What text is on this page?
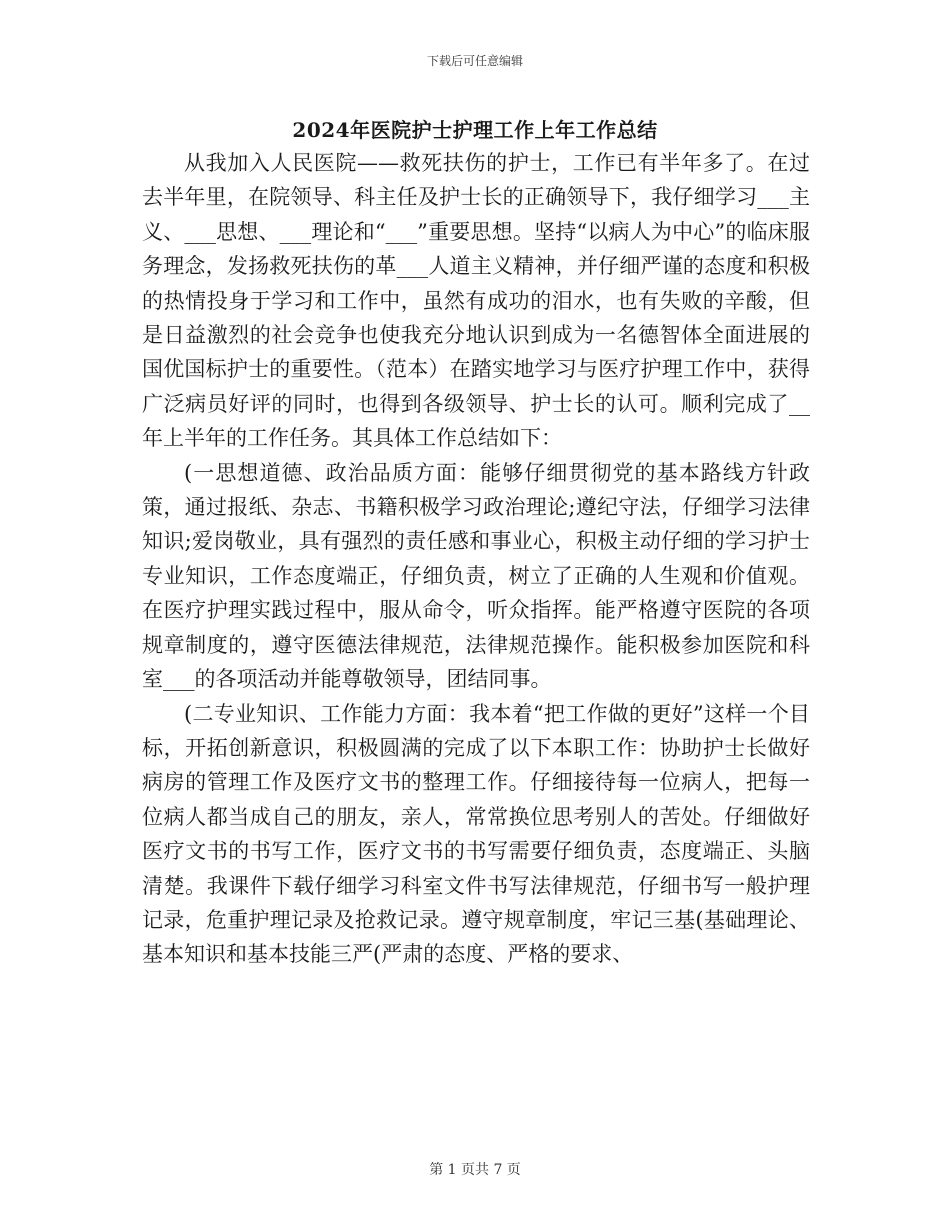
下载后可任意编辑
2024年医院护士护理工作上年工作总结

从我加入人民医院——救死扶伤的护士，工作已有半年多了。在过去半年里，在院领导、科主任及护士长的正确领导下，我仔细学习___主义、___思想、___理论和“___”重要思想。坚持“以病人为中心”的临床服务理念，发扬救死扶伤的革___人道主义精神，并仔细严谨的态度和积极的热情投身于学习和工作中，虽然有成功的泪水，也有失败的辛酸，但是日益激烈的社会竞争也使我充分地认识到成为一名德智体全面进展的国优国标护士的重要性。（范本）在踏实地学习与医疗护理工作中，获得广泛病员好评的同时，也得到各级领导、护士长的认可。顺利完成了__年上半年的工作任务。其具体工作总结如下：

(一思想道德、政治品质方面：能够仔细贯彻党的基本路线方针政策，通过报纸、杂志、书籍积极学习政治理论;遵纪守法，仔细学习法律知识;爱岗敬业，具有强烈的责任感和事业心，积极主动仔细的学习护士专业知识，工作态度端正，仔细负责，树立了正确的人生观和价值观。在医疗护理实践过程中，服从命令，听众指挥。能严格遵守医院的各项规章制度的，遵守医德法律规范，法律规范操作。能积极参加医院和科室___的各项活动并能尊敬领导，团结同事。

(二专业知识、工作能力方面：我本着“把工作做的更好”这样一个目标，开拓创新意识，积极圆满的完成了以下本职工作：协助护士长做好病房的管理工作及医疗文书的整理工作。仔细接待每一位病人，把每一位病人都当成自己的朋友，亲人，常常换位思考别人的苦处。仔细做好医疗文书的书写工作，医疗文书的书写需要仔细负责，态度端正、头脑清楚。我课件下载仔细学习科室文件书写法律规范，仔细书写一般护理记录，危重护理记录及抢救记录。遵守规章制度，牢记三基(基础理论、基本知识和基本技能三严(严肃的态度、严格的要求、

第 1 页共 7 页
